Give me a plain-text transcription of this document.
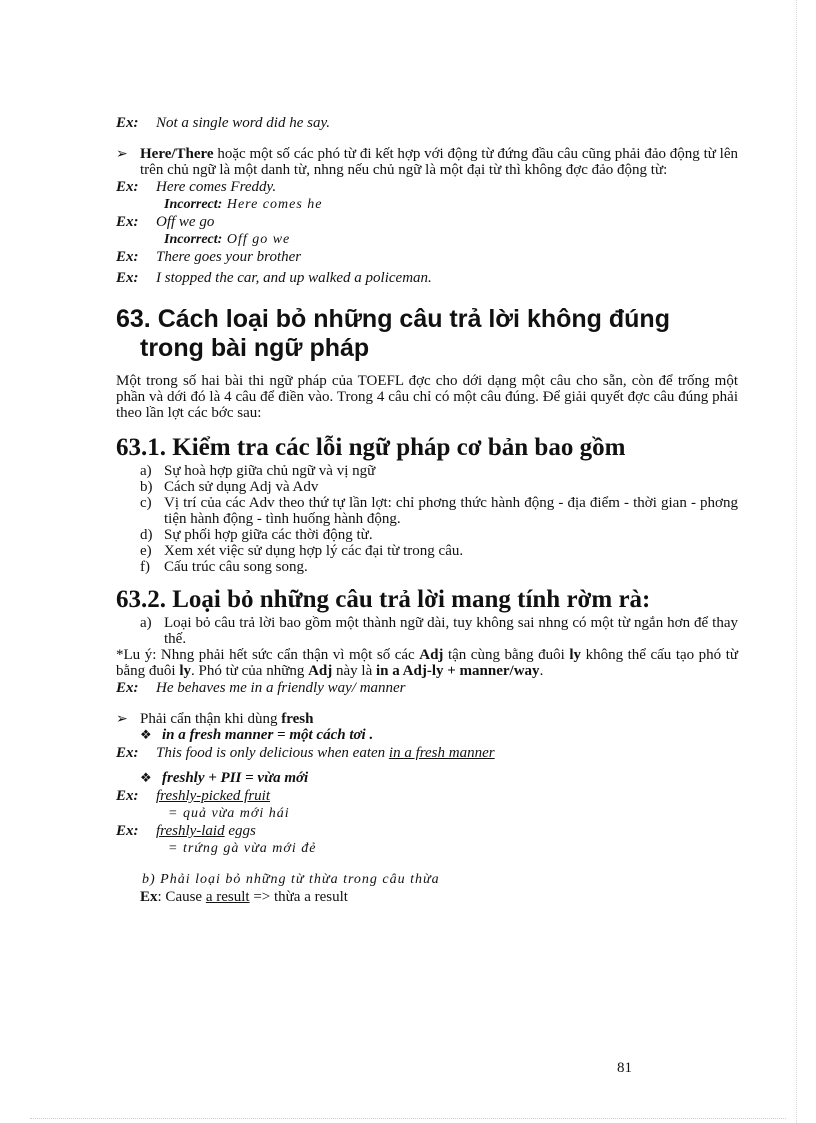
Ex:	Not a single word did he say.
➢ Here/There hoặc một số các phó từ đi kết hợp với động từ đứng đầu câu cũng phải đảo động từ lên trên chủ ngữ là một danh từ, nhng nếu chủ ngữ là một đại từ thì không đợc đảo động từ:
Ex:	Here comes Freddy.
Incorrect: Here comes he
Ex:	Off we go
Incorrect: Off go we
Ex:	There goes your brother
Ex:	I stopped the car, and up walked a policeman.
63. Cách loại bỏ những câu trả lời không đúng trong bài ngữ pháp
Một trong số hai bài thi ngữ pháp của TOEFL đợc cho dới dạng một câu cho sẵn, còn để trống một phần và dới đó là 4 câu để điền vào. Trong 4 câu chỉ có một câu đúng. Để giải quyết đợc câu đúng phải theo lần lợt các bớc sau:
63.1. Kiểm tra các lỗi ngữ pháp cơ bản bao gồm
a) Sự hoà hợp giữa chủ ngữ và vị ngữ
b) Cách sử dụng Adj và Adv
c) Vị trí của các Adv theo thứ tự lần lợt: chỉ phơng thức hành động - địa điểm - thời gian - phơng tiện hành động - tình huống hành động.
d) Sự phối hợp giữa các thời động từ.
e) Xem xét việc sử dụng hợp lý các đại từ trong câu.
f) Cấu trúc câu song song.
63.2. Loại bỏ những câu trả lời mang tính rờm rà:
a) Loại bỏ câu trả lời bao gồm một thành ngữ dài, tuy không sai nhng có một từ ngắn hơn để thay thế.
*Lu ý: Nhng phải hết sức cẩn thận vì một số các Adj tận cùng bằng đuôi ly không thể cấu tạo phó từ bằng đuôi ly. Phó từ của những Adj này là in a Adj-ly + manner/way.
Ex:	He behaves me in a friendly way/ manner
➢ Phải cẩn thận khi dùng fresh
❖ in a fresh manner = một cách tơi .
Ex:	This food is only delicious when eaten in a fresh manner
❖ freshly + PII = vừa mới
Ex:	freshly-picked fruit
= quả vừa mới hái
Ex:	freshly-laid eggs
= trứng gà vừa mới đẻ
b) Phải loại bỏ những từ thừa trong câu thừa
Ex: Cause a result => thừa a result
81
